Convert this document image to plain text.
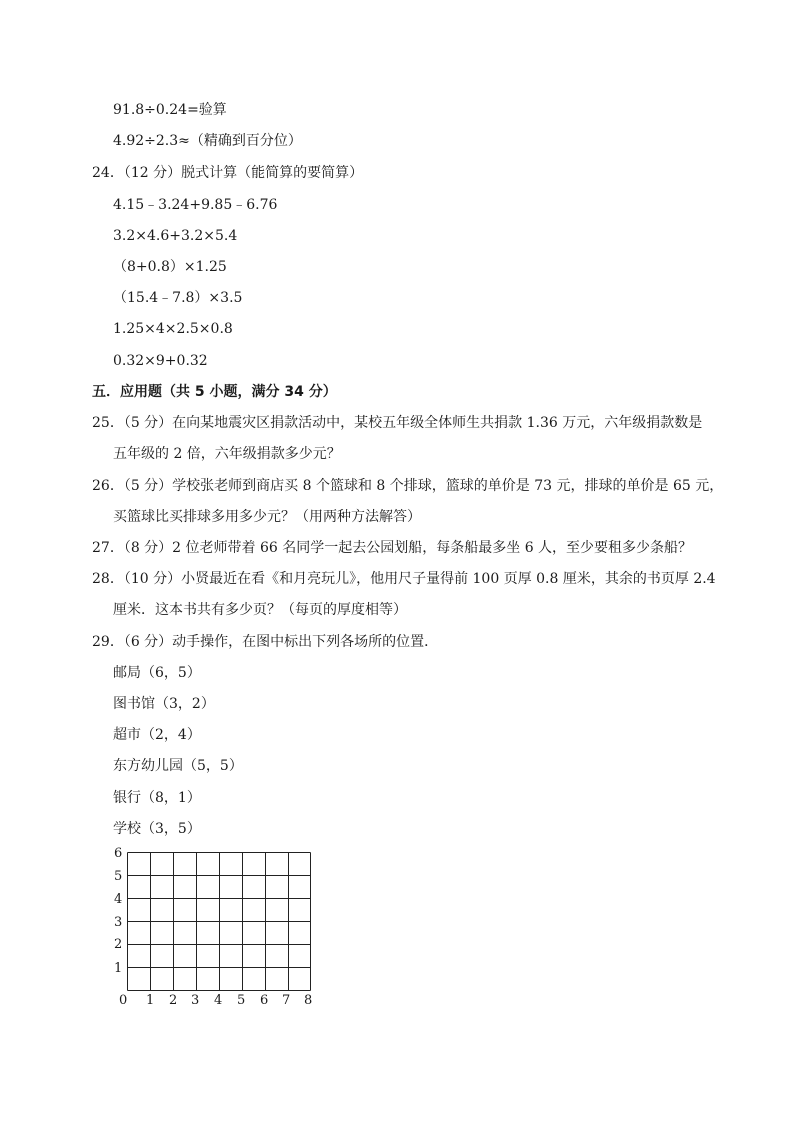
91.8÷0.24=验算
4.92÷2.3≈（精确到百分位）
24．（12 分）脱式计算（能简算的要简算）
4.15﹣3.24+9.85﹣6.76
3.2×4.6+3.2×5.4
（8+0.8）×1.25
（15.4﹣7.8）×3.5
1.25×4×2.5×0.8
0.32×9+0.32
五．应用题（共 5 小题，满分 34 分）
25．（5 分）在向某地震灾区捐款活动中，某校五年级全体师生共捐款 1.36 万元，六年级捐款数是
五年级的 2 倍，六年级捐款多少元？
26．（5 分）学校张老师到商店买 8 个篮球和 8 个排球，篮球的单价是 73 元，排球的单价是 65 元，
买篮球比买排球多用多少元？（用两种方法解答）
27．（8 分）2 位老师带着 66 名同学一起去公园划船，每条船最多坐 6 人，至少要租多少条船？
28．（10 分）小贤最近在看《和月亮玩儿》，他用尺子量得前 100 页厚 0.8 厘米，其余的书页厚 2.4
厘米．这本书共有多少页？（每页的厚度相等）
29．（6 分）动手操作，在图中标出下列各场所的位置．
邮局（6，5）
图书馆（3，2）
超市（2，4）
东方幼儿园（5，5）
银行（8，1）
学校（3，5）
6
5
4
3
2
1
0 1 2 3 4 5 6 7 8
